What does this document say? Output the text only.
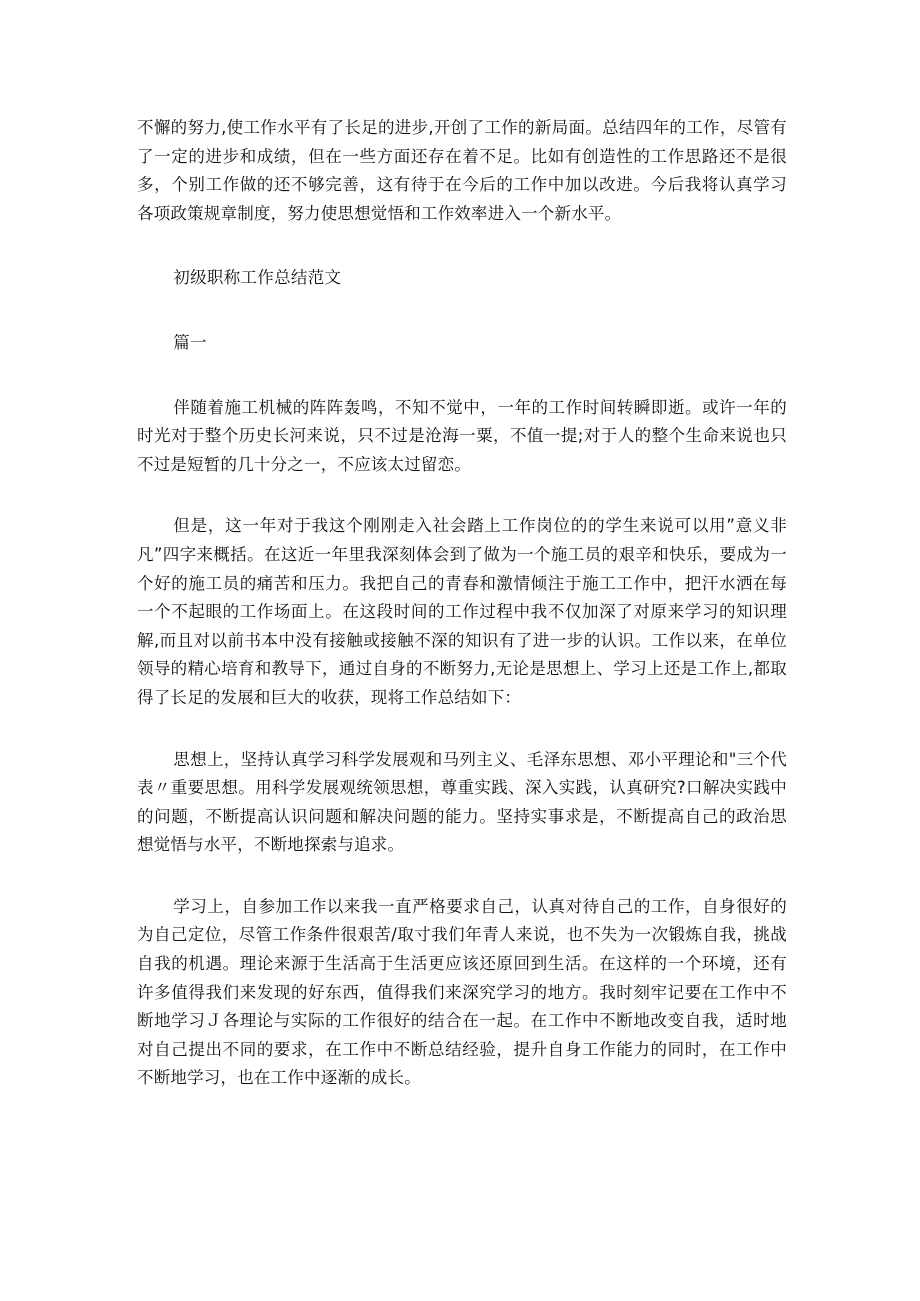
不懈的努力,使工作水平有了长足的进步,开创了工作的新局面。总结四年的工作，尽管有了一定的进步和成绩，但在一些方面还存在着不足。比如有创造性的工作思路还不是很多，个别工作做的还不够完善，这有待于在今后的工作中加以改进。今后我将认真学习各项政策规章制度，努力使思想觉悟和工作效率进入一个新水平。

初级职称工作总结范文

篇一

伴随着施工机械的阵阵轰鸣，不知不觉中，一年的工作时间转瞬即逝。或许一年的时光对于整个历史长河来说，只不过是沧海一粟，不值一提;对于人的整个生命来说也只不过是短暂的几十分之一，不应该太过留恋。

但是，这一年对于我这个刚刚走入社会踏上工作岗位的的学生来说可以用”意义非凡”四字来概括。在这近一年里我深刻体会到了做为一个施工员的艰辛和快乐，要成为一个好的施工员的痛苦和压力。我把自己的青春和激情倾注于施工工作中，把汗水洒在每一个不起眼的工作场面上。在这段时间的工作过程中我不仅加深了对原来学习的知识理解,而且对以前书本中没有接触或接触不深的知识有了进一步的认识。工作以来，在单位领导的精心培育和教导下，通过自身的不断努力,无论是思想上、学习上还是工作上,都取得了长足的发展和巨大的收获，现将工作总结如下：

思想上，坚持认真学习科学发展观和马列主义、毛泽东思想、邓小平理论和"三个代表〃重要思想。用科学发展观统领思想，尊重实践、深入实践，认真研究?口解决实践中的问题，不断提高认识问题和解决问题的能力。坚持实事求是，不断提高自己的政治思想觉悟与水平，不断地探索与追求。

学习上，自参加工作以来我一直严格要求自己，认真对待自己的工作，自身很好的为自己定位，尽管工作条件很艰苦/取寸我们年青人来说，也不失为一次锻炼自我，挑战自我的机遇。理论来源于生活高于生活更应该还原回到生活。在这样的一个环境，还有许多值得我们来发现的好东西，值得我们来深究学习的地方。我时刻牢记要在工作中不断地学习Ｊ各理论与实际的工作很好的结合在一起。在工作中不断地改变自我，适时地对自己提出不同的要求，在工作中不断总结经验，提升自身工作能力的同时，在工作中不断地学习，也在工作中逐渐的成长。
